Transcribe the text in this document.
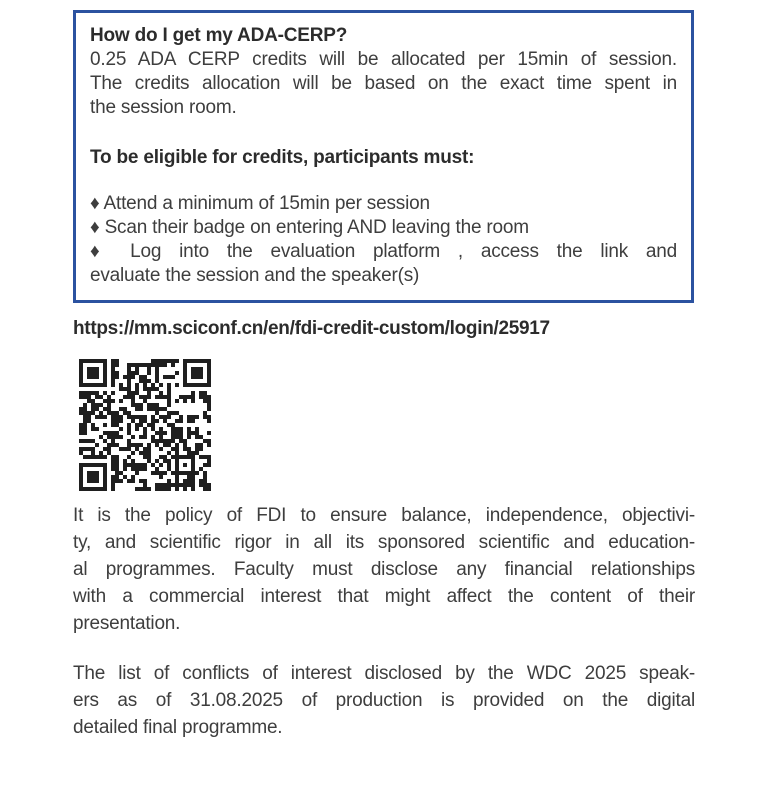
How do I get my ADA-CERP?
0.25 ADA CERP credits will be allocated per 15min of session.
The credits allocation will be based on the exact time spent in
the session room.
To be eligible for credits, participants must:
♦ Attend a minimum of 15min per session
♦ Scan their badge on entering AND leaving the room
♦ Log into the evaluation platform , access the link and
evaluate the session and the speaker(s)
https://mm.sciconf.cn/en/fdi-credit-custom/login/25917

It is the policy of FDI to ensure balance, independence, objectivi-
ty, and scientific rigor in all its sponsored scientific and education-
al programmes. Faculty must disclose any financial relationships
with a commercial interest that might affect the content of their
presentation.

The list of conflicts of interest disclosed by the WDC 2025 speak-
ers as of 31.08.2025 of production is provided on the digital
detailed final programme.
